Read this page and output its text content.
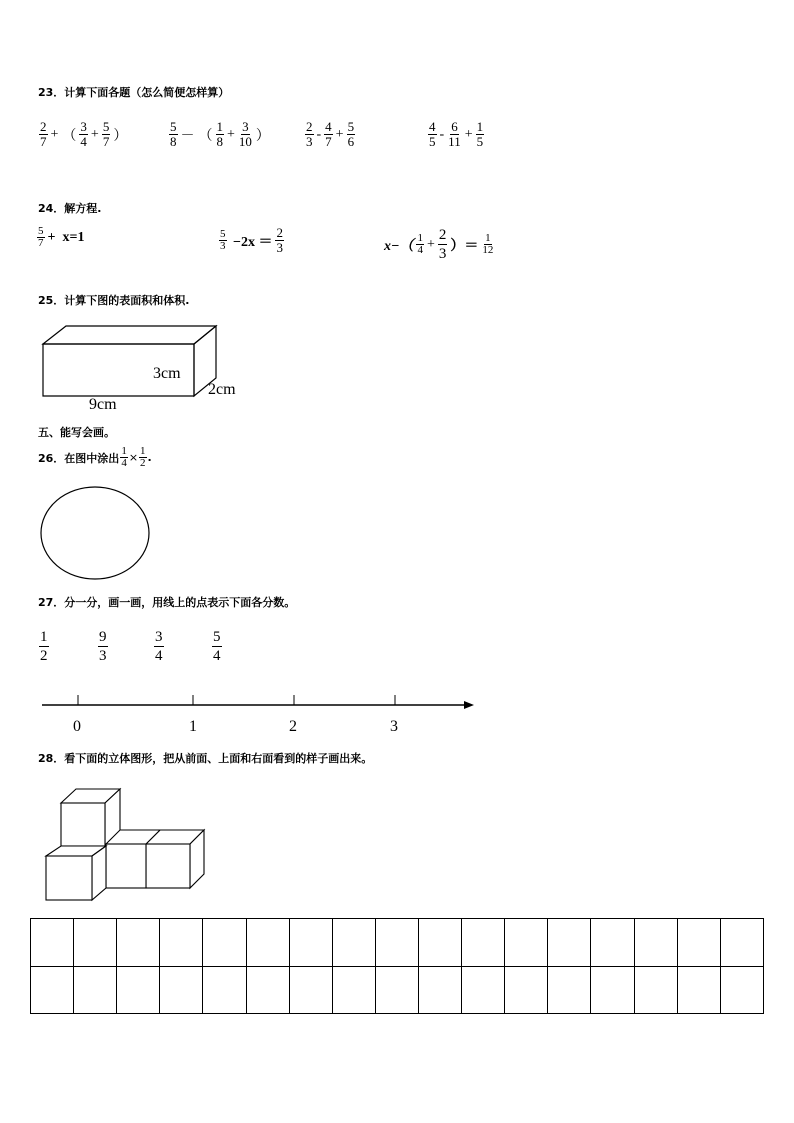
23．计算下面各题（怎么简便怎样算）
$\frac{2}{7}$ + （ $\frac{3}{4} + \frac{5}{7}$ ）	$\frac{5}{8}$ － （ $\frac{1}{8} + \frac{3}{10}$ ）	$\frac{2}{3} - \frac{4}{7} + \frac{5}{6}$	$\frac{4}{5} - \frac{6}{11} + \frac{1}{5}$
24．解方程.
$\frac{5}{7} + x=1$	$\frac{5}{3} -2x = \frac{2}{3}$	$x-( \frac{1}{4} + \frac{2}{3}$ ）＝ $\frac{1}{12}$
25．计算下图的表面积和体积.
3cm
2cm
9cm
五、能写会画。
26．在图中涂出 $\frac{1}{4} \times \frac{1}{2}$ .
27．分一分，画一画，用线上的点表示下面各分数。
$\frac{1}{2}$	$\frac{9}{3}$	$\frac{3}{4}$	$\frac{5}{4}$
0	1	2	3
28．看下面的立体图形，把从前面、上面和右面看到的样子画出来。
